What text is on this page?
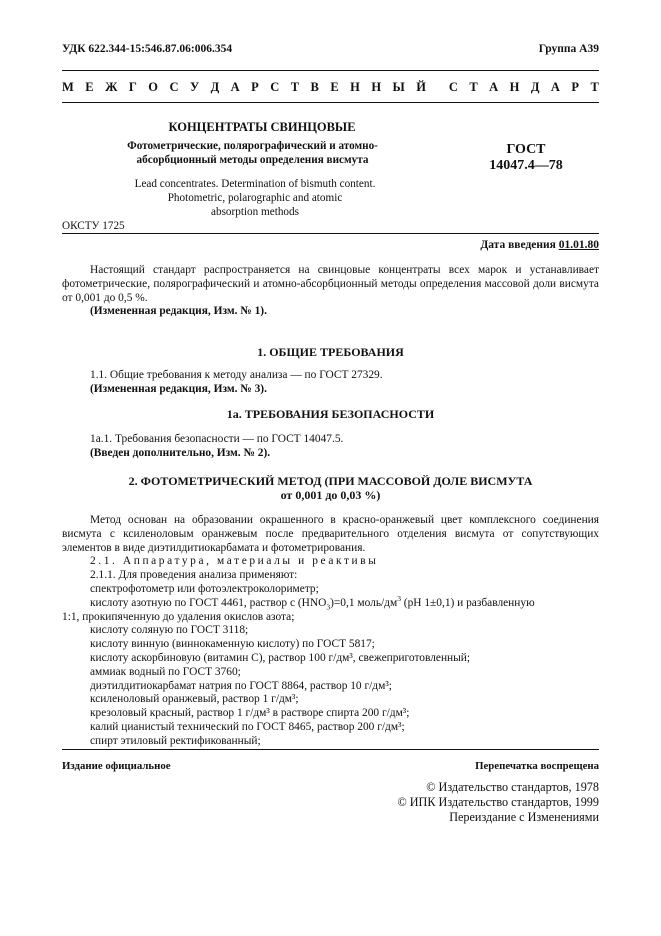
УДК 622.344-15:546.87.06:006.354	Группа А39
М Е Ж Г О С У Д А Р С Т В Е Н Н Ы Й С Т А Н Д А Р Т
КОНЦЕНТРАТЫ СВИНЦОВЫЕ
Фотометрические, полярографический и атомно-
абсорбционный методы определения висмута
ГОСТ
14047.4—78
Lead concentrates. Determination of bismuth content.
Photometric, polarographic and atomic
absorption methods
ОКСТУ 1725
Дата введения 01.01.80

Настоящий стандарт распространяется на свинцовые концентраты всех марок и устанавливает фотометрические, полярографический и атомно-абсорбционный методы определения массовой доли висмута от 0,001 до 0,5 %.

(Измененная редакция, Изм. № 1).

1. ОБЩИЕ ТРЕБОВАНИЯ

1.1. Общие требования к методу анализа — по ГОСТ 27329.

(Измененная редакция, Изм. № 3).

1а. ТРЕБОВАНИЯ БЕЗОПАСНОСТИ

1а.1. Требования безопасности — по ГОСТ 14047.5.

(Введен дополнительно, Изм. № 2).

2. ФОТОМЕТРИЧЕСКИЙ МЕТОД (ПРИ МАССОВОЙ ДОЛЕ ВИСМУТА

от 0,001 до 0,03 %)

Метод основан на образовании окрашенного в красно-оранжевый цвет комплексного соединения висмута с ксиленоловым оранжевым после предварительного отделения висмута от сопутствующих элементов в виде диэтилдитиокарбамата и фотометрирования.

2.1. Аппаратура, материалы и реактивы

2.1.1. Для проведения анализа применяют:

спектрофотометр или фотоэлектроколориметр;

кислоту азотную по ГОСТ 4461, раствор с $(HNO_3)=0,1$ моль/$дм^3$ (pH 1±0,1) и разбавленную

1:1, прокипяченную до удаления окислов азота;

кислоту соляную по ГОСТ 3118;

кислоту винную (виннокаменную кислоту) по ГОСТ 5817;

кислоту аскорбиновую (витамин С), раствор 100 г/дм³, свежеприготовленный;

аммиак водный по ГОСТ 3760;

диэтилдитиокарбамат натрия по ГОСТ 8864, раствор 10 г/дм³;

ксиленоловый оранжевый, раствор 1 г/дм³;

крезоловый красный, раствор 1 г/дм³ в растворе спирта 200 г/дм³;

калий цианистый технический по ГОСТ 8465, раствор 200 г/дм³;

спирт этиловый ректификованный;

Издание официальное	Перепечатка воспрещена
© Издательство стандартов, 1978
© ИПК Издательство стандартов, 1999
Переиздание с Изменениями
